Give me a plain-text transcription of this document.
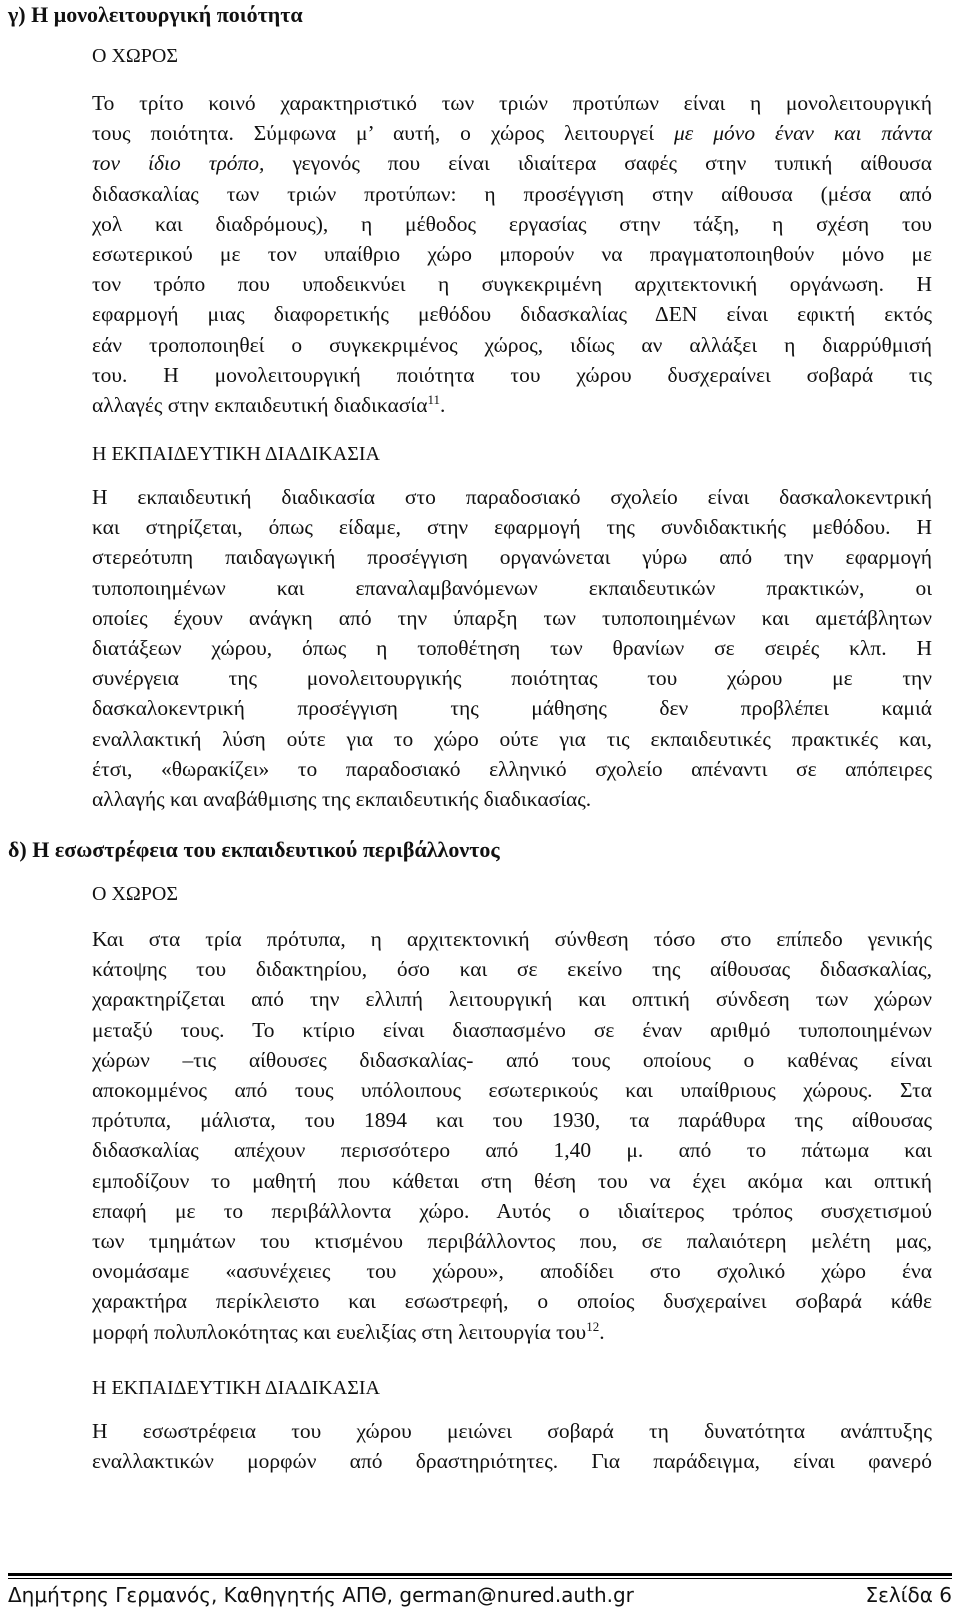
γ) Η μονολειτουργική ποιότητα
Ο ΧΩΡΟΣ
Το τρίτο κοινό χαρακτηριστικό των τριών προτύπων είναι η μονολειτουργική
τους ποιότητα. Σύμφωνα μ’ αυτή, ο χώρος λειτουργεί με μόνο έναν και πάντα
τον ίδιο τρόπο, γεγονός που είναι ιδιαίτερα σαφές στην τυπική αίθουσα
διδασκαλίας των τριών προτύπων: η προσέγγιση στην αίθουσα (μέσα από
χολ και διαδρόμους), η μέθοδος εργασίας στην τάξη, η σχέση του
εσωτερικού με τον υπαίθριο χώρο μπορούν να πραγματοποιηθούν μόνο με
τον τρόπο που υποδεικνύει η συγκεκριμένη αρχιτεκτονική οργάνωση. Η
εφαρμογή μιας διαφορετικής μεθόδου διδασκαλίας ΔΕΝ είναι εφικτή εκτός
εάν τροποποιηθεί ο συγκεκριμένος χώρος, ιδίως αν αλλάξει η διαρρύθμισή
του. Η μονολειτουργική ποιότητα του χώρου δυσχεραίνει σοβαρά τις
αλλαγές στην εκπαιδευτική διαδικασία$^{11}$.
Η ΕΚΠΑΙΔΕΥΤΙΚΗ ΔΙΑΔΙΚΑΣΙΑ
Η εκπαιδευτική διαδικασία στο παραδοσιακό σχολείο είναι δασκαλοκεντρική
και στηρίζεται, όπως είδαμε, στην εφαρμογή της συνδιδακτικής μεθόδου. Η
στερεότυπη παιδαγωγική προσέγγιση οργανώνεται γύρω από την εφαρμογή
τυποποιημένων και επαναλαμβανόμενων εκπαιδευτικών πρακτικών, οι
οποίες έχουν ανάγκη από την ύπαρξη των τυποποιημένων και αμετάβλητων
διατάξεων χώρου, όπως η τοποθέτηση των θρανίων σε σειρές κλπ. Η
συνέργεια της μονολειτουργικής ποιότητας του χώρου με την
δασκαλοκεντρική προσέγγιση της μάθησης δεν προβλέπει καμιά
εναλλακτική λύση ούτε για το χώρο ούτε για τις εκπαιδευτικές πρακτικές και,
έτσι, «θωρακίζει» το παραδοσιακό ελληνικό σχολείο απέναντι σε απόπειρες
αλλαγής και αναβάθμισης της εκπαιδευτικής διαδικασίας.
δ) Η εσωστρέφεια του εκπαιδευτικού περιβάλλοντος
Ο ΧΩΡΟΣ
Και στα τρία πρότυπα, η αρχιτεκτονική σύνθεση τόσο στο επίπεδο γενικής
κάτοψης του διδακτηρίου, όσο και σε εκείνο της αίθουσας διδασκαλίας,
χαρακτηρίζεται από την ελλιπή λειτουργική και οπτική σύνδεση των χώρων
μεταξύ τους. Το κτίριο είναι διασπασμένο σε έναν αριθμό τυποποιημένων
χώρων –τις αίθουσες διδασκαλίας- από τους οποίους ο καθένας είναι
αποκομμένος από τους υπόλοιπους εσωτερικούς και υπαίθριους χώρους. Στα
πρότυπα, μάλιστα, του 1894 και του 1930, τα παράθυρα της αίθουσας
διδασκαλίας απέχουν περισσότερο από 1,40 μ. από το πάτωμα και
εμποδίζουν το μαθητή που κάθεται στη θέση του να έχει ακόμα και οπτική
επαφή με το περιβάλλοντα χώρο. Αυτός ο ιδιαίτερος τρόπος συσχετισμού
των τμημάτων του κτισμένου περιβάλλοντος που, σε παλαιότερη μελέτη μας,
ονομάσαμε «ασυνέχειες του χώρου», αποδίδει στο σχολικό χώρο ένα
χαρακτήρα περίκλειστο και εσωστρεφή, ο οποίος δυσχεραίνει σοβαρά κάθε
μορφή πολυπλοκότητας και ευελιξίας στη λειτουργία του$^{12}$.
Η ΕΚΠΑΙΔΕΥΤΙΚΗ ΔΙΑΔΙΚΑΣΙΑ
Η εσωστρέφεια του χώρου μειώνει σοβαρά τη δυνατότητα ανάπτυξης
εναλλακτικών μορφών από δραστηριότητες. Για παράδειγμα, είναι φανερό
Δημήτρης Γερμανός, Καθηγητής ΑΠΘ, german@nured.auth.gr	Σελίδα 6
